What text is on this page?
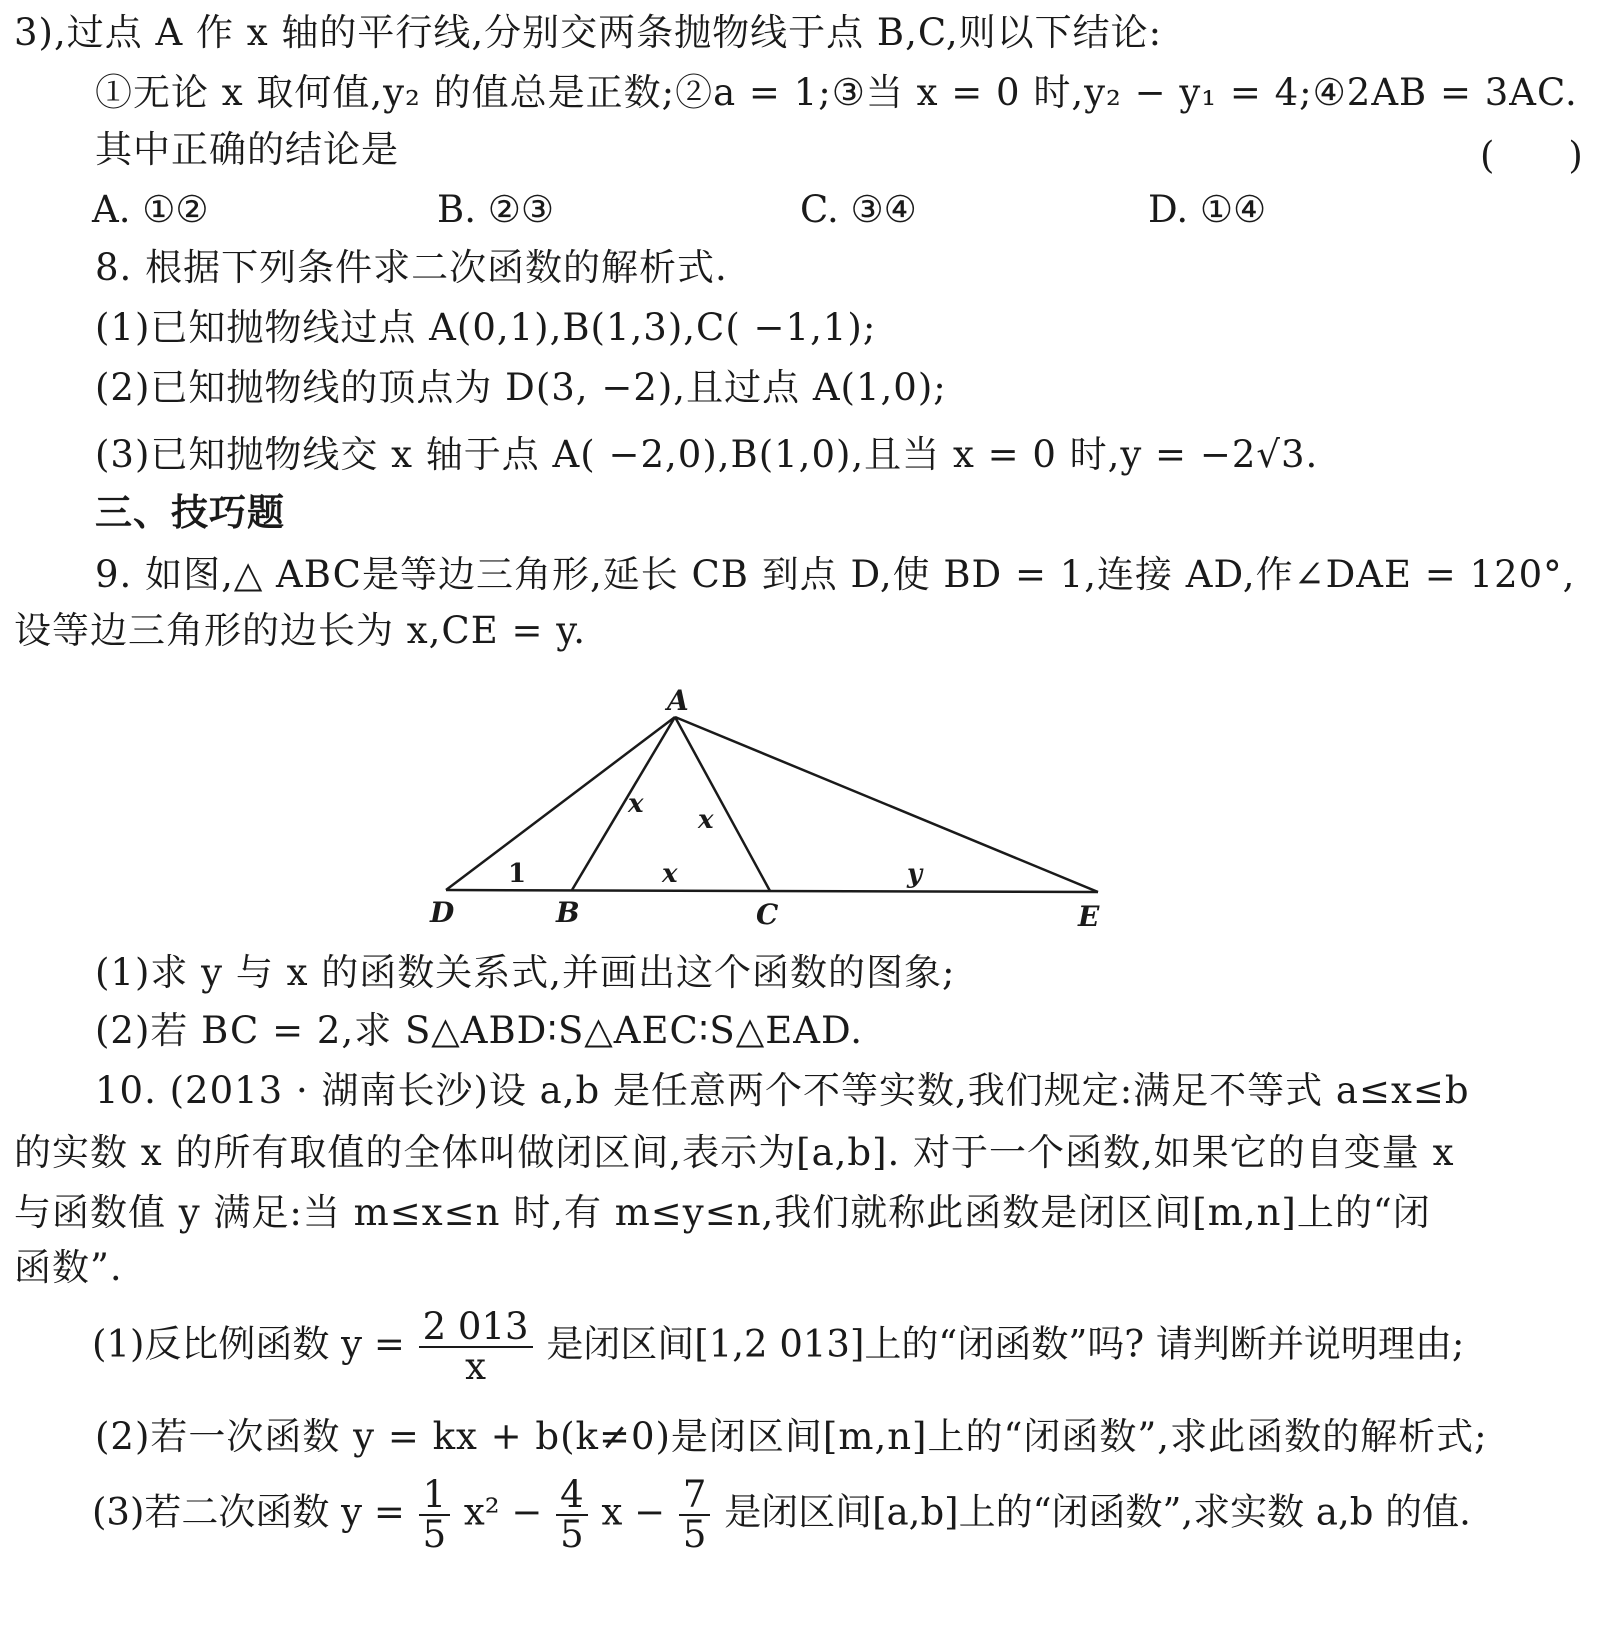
3),过点 A 作 x 轴的平行线,分别交两条抛物线于点 B,C,则以下结论:
①无论 x 取何值,y₂ 的值总是正数;②a = 1;③当 x = 0 时,y₂ − y₁ = 4;④2AB = 3AC.
其中正确的结论是	(　　)
A. ①②	B. ②③	C. ③④	D. ①④
8. 根据下列条件求二次函数的解析式.
(1)已知抛物线过点 A(0,1),B(1,3),C( −1,1);
(2)已知抛物线的顶点为 D(3, −2),且过点 A(1,0);
(3)已知抛物线交 x 轴于点 A( −2,0),B(1,0),且当 x = 0 时,y = −2√3.
三、技巧题
9. 如图,△ ABC是等边三角形,延长 CB 到点 D,使 BD = 1,连接 AD,作∠DAE = 120°,
设等边三角形的边长为 x,CE = y.
A
D	B	C	E
x
x
x	y
1
(1)求 y 与 x 的函数关系式,并画出这个函数的图象;
(2)若 BC = 2,求 S△ABD∶S△AEC∶S△EAD.
10. (2013 · 湖南长沙)设 a,b 是任意两个不等实数,我们规定:满足不等式 a≤x≤b
的实数 x 的所有取值的全体叫做闭区间,表示为[a,b]. 对于一个函数,如果它的自变量 x
与函数值 y 满足:当 m≤x≤n 时,有 m≤y≤n,我们就称此函数是闭区间[m,n]上的“闭
函数”.
(1)反比例函数 $y = \frac{2 013}{x}$ 是闭区间[1,2 013]上的“闭函数”吗? 请判断并说明理由;
(2)若一次函数 y = kx + b(k≠0)是闭区间[m,n]上的“闭函数”,求此函数的解析式;
(3)若二次函数 $y = \frac{1}{5} x^2 - \frac{4}{5}$ $x - \frac{7}{5}$ 是闭区间[a,b]上的“闭函数”,求实数 a,b 的值.
